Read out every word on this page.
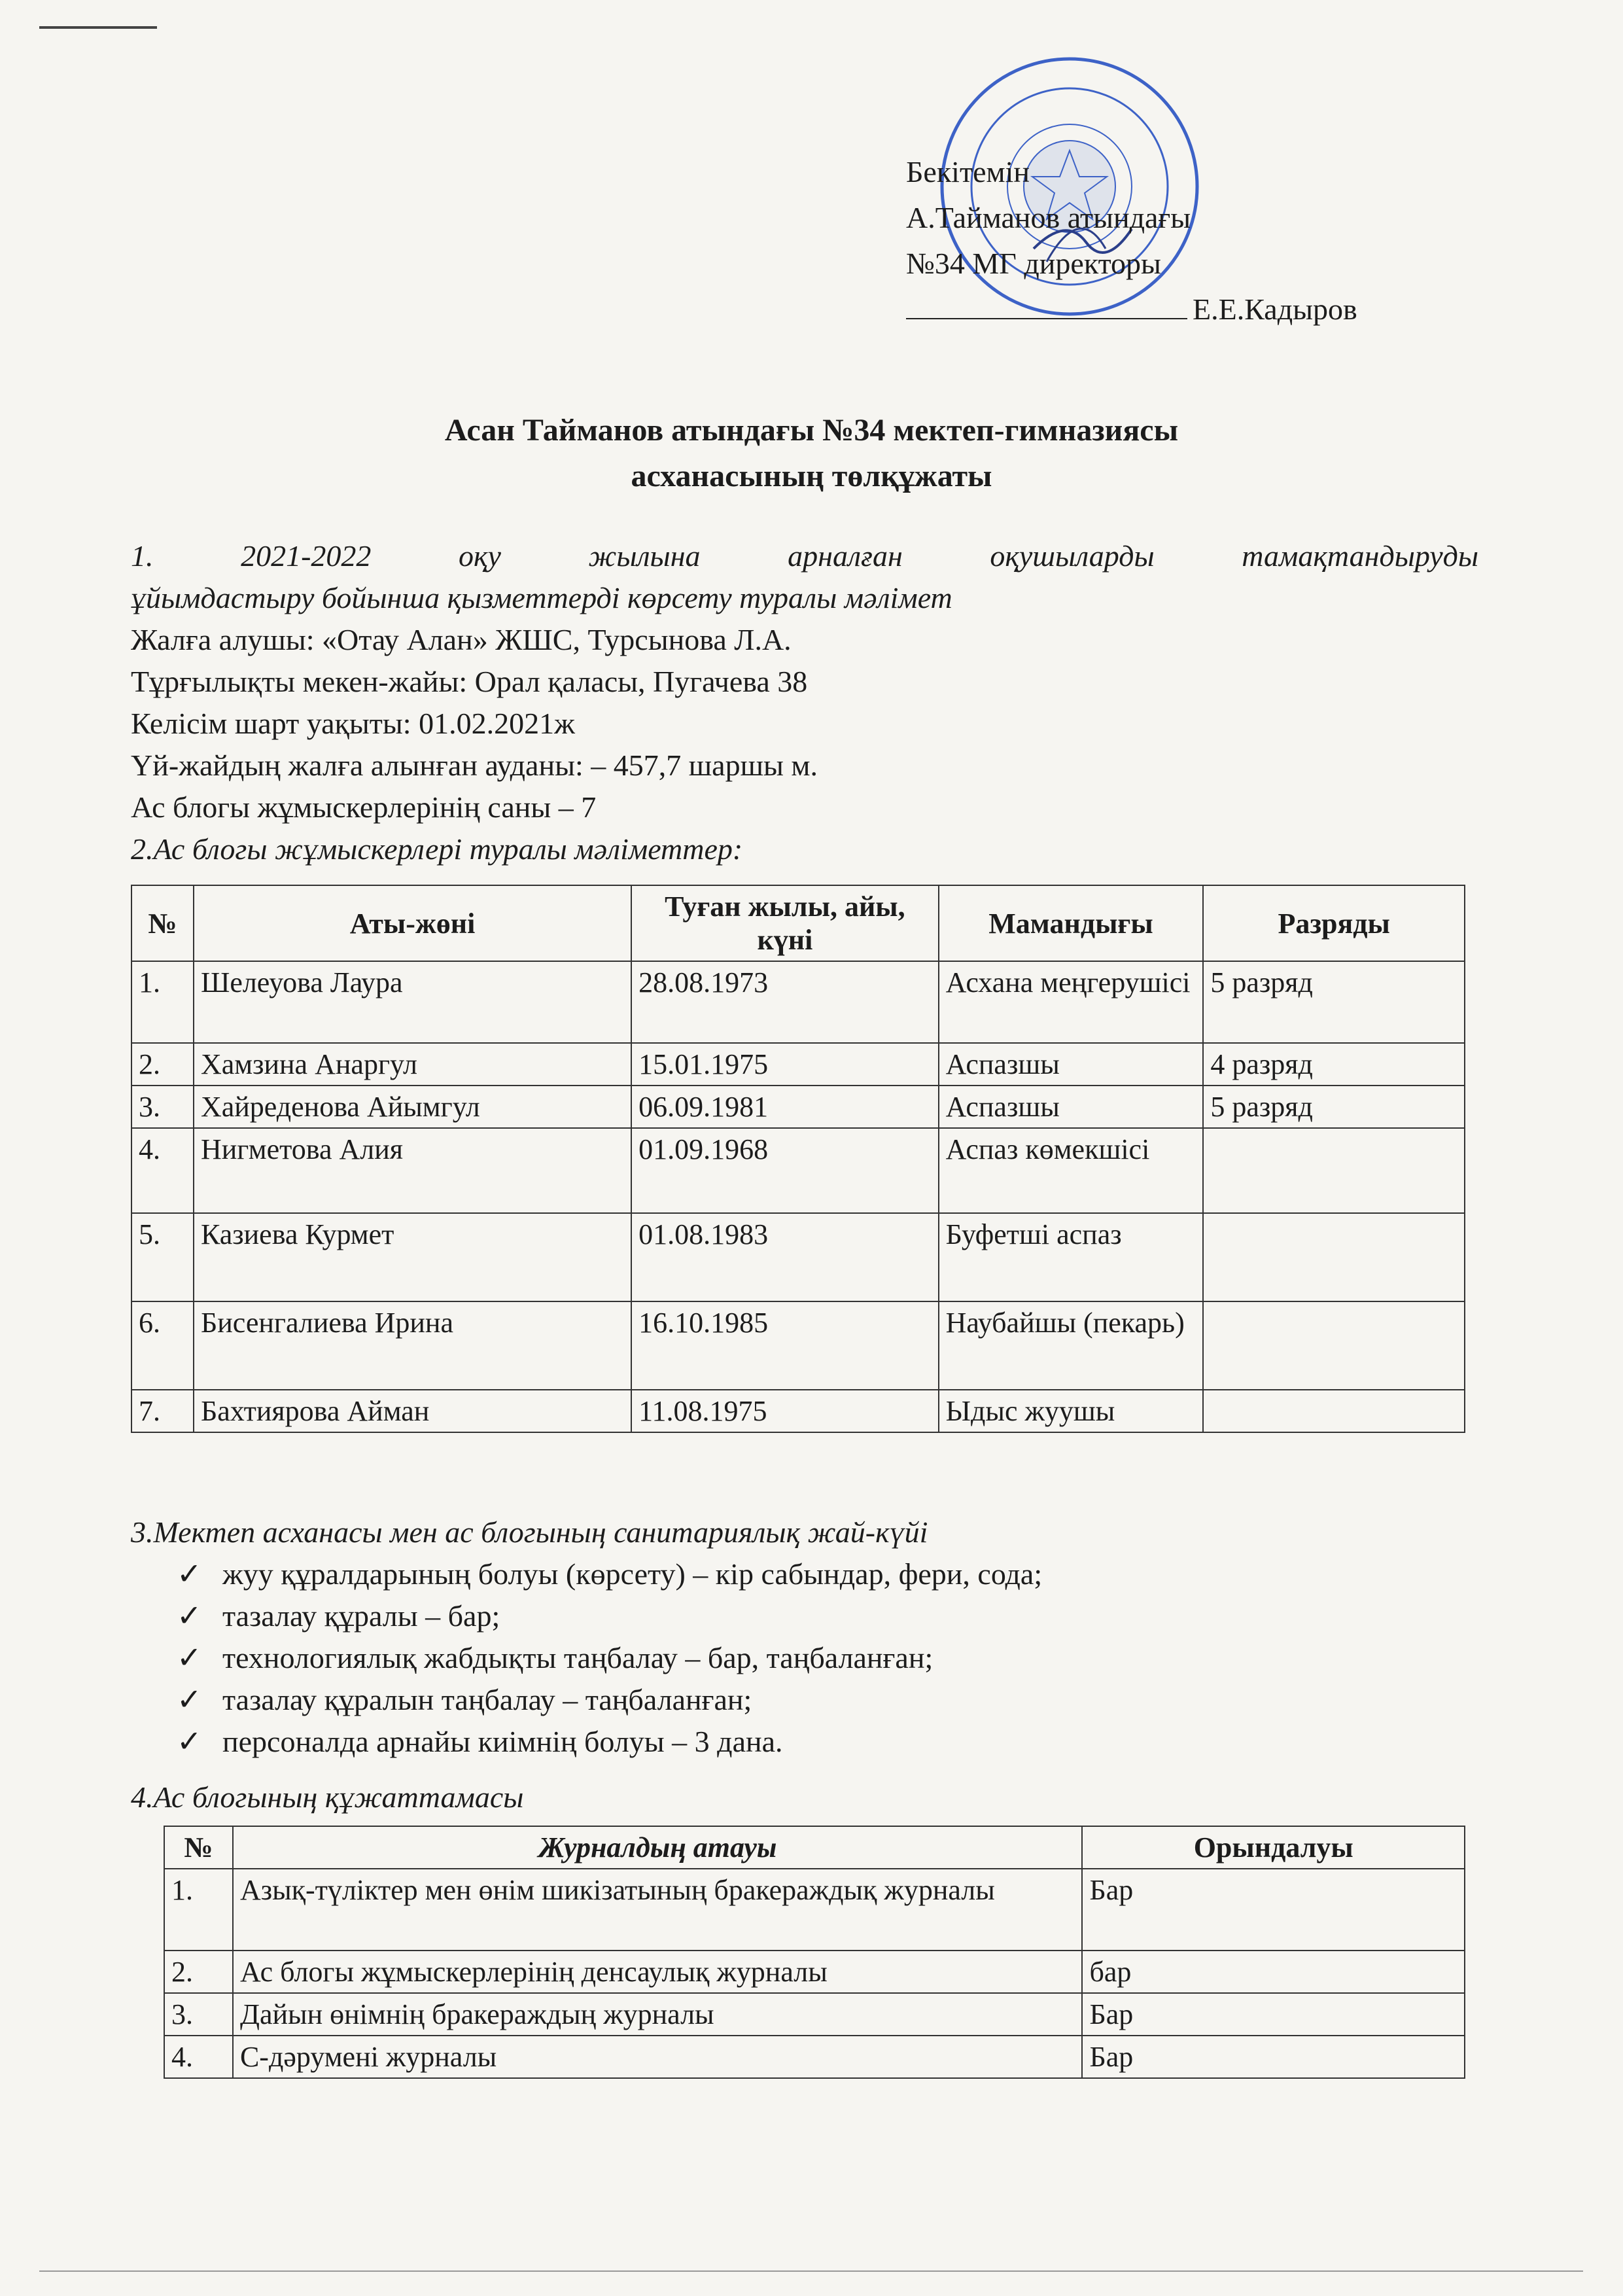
Бекітемін
А.Тайманов атындағы
№34 МГ директоры
Е.Е.Кадыров
Асан Тайманов атындағы №34 мектеп-гимназиясы
асханасының төлқұжаты
1. 2021-2022 оқу жылына арналған оқушыларды тамақтандыруды
ұйымдастыру бойынша қызметтерді көрсету туралы мәлімет
Жалға алушы: «Отау Алан» ЖШС, Турсынова Л.А.
Тұрғылықты мекен-жайы: Орал қаласы, Пугачева 38
Келісім шарт уақыты: 01.02.2021ж
Үй-жайдың жалға алынған ауданы: – 457,7 шаршы м.
Ас блогы жұмыскерлерінің саны – 7
2.Ас блогы жұмыскерлері туралы мәліметтер:
№	Аты-жөні	Туған жылы, айы, күні	Мамандығы	Разряды
1.	Шелеуова Лаура	28.08.1973	Асхана меңгерушісі	5 разряд
2.	Хамзина Анаргул	15.01.1975	Аспазшы	4 разряд
3.	Хайреденова Айымгул	06.09.1981	Аспазшы	5 разряд
4.	Нигметова Алия	01.09.1968	Аспаз көмекшісі	
5.	Казиева Курмет	01.08.1983	Буфетші аспаз	
6.	Бисенгалиева Ирина	16.10.1985	Наубайшы (пекарь)	
7.	Бахтиярова Айман	11.08.1975	Ыдыс жуушы	
3.Мектеп асханасы мен ас блогының санитариялық жай-күйі
✓ жуу құралдарының болуы (көрсету) – кір сабындар, фери, сода;
✓ тазалау құралы – бар;
✓ технологиялық жабдықты таңбалау – бар, таңбаланған;
✓ тазалау құралын таңбалау – таңбаланған;
✓ персоналда арнайы киімнің болуы – 3 дана.
4.Ас блогының құжаттамасы
№	Журналдың атауы	Орындалуы
1.	Азық-түліктер мен өнім шикізатының бракераждық журналы	Бар
2.	Ас блогы жұмыскерлерінің денсаулық журналы	бар
3.	Дайын өнімнің бракераждың журналы	Бар
4.	С-дәрумені журналы	Бар
